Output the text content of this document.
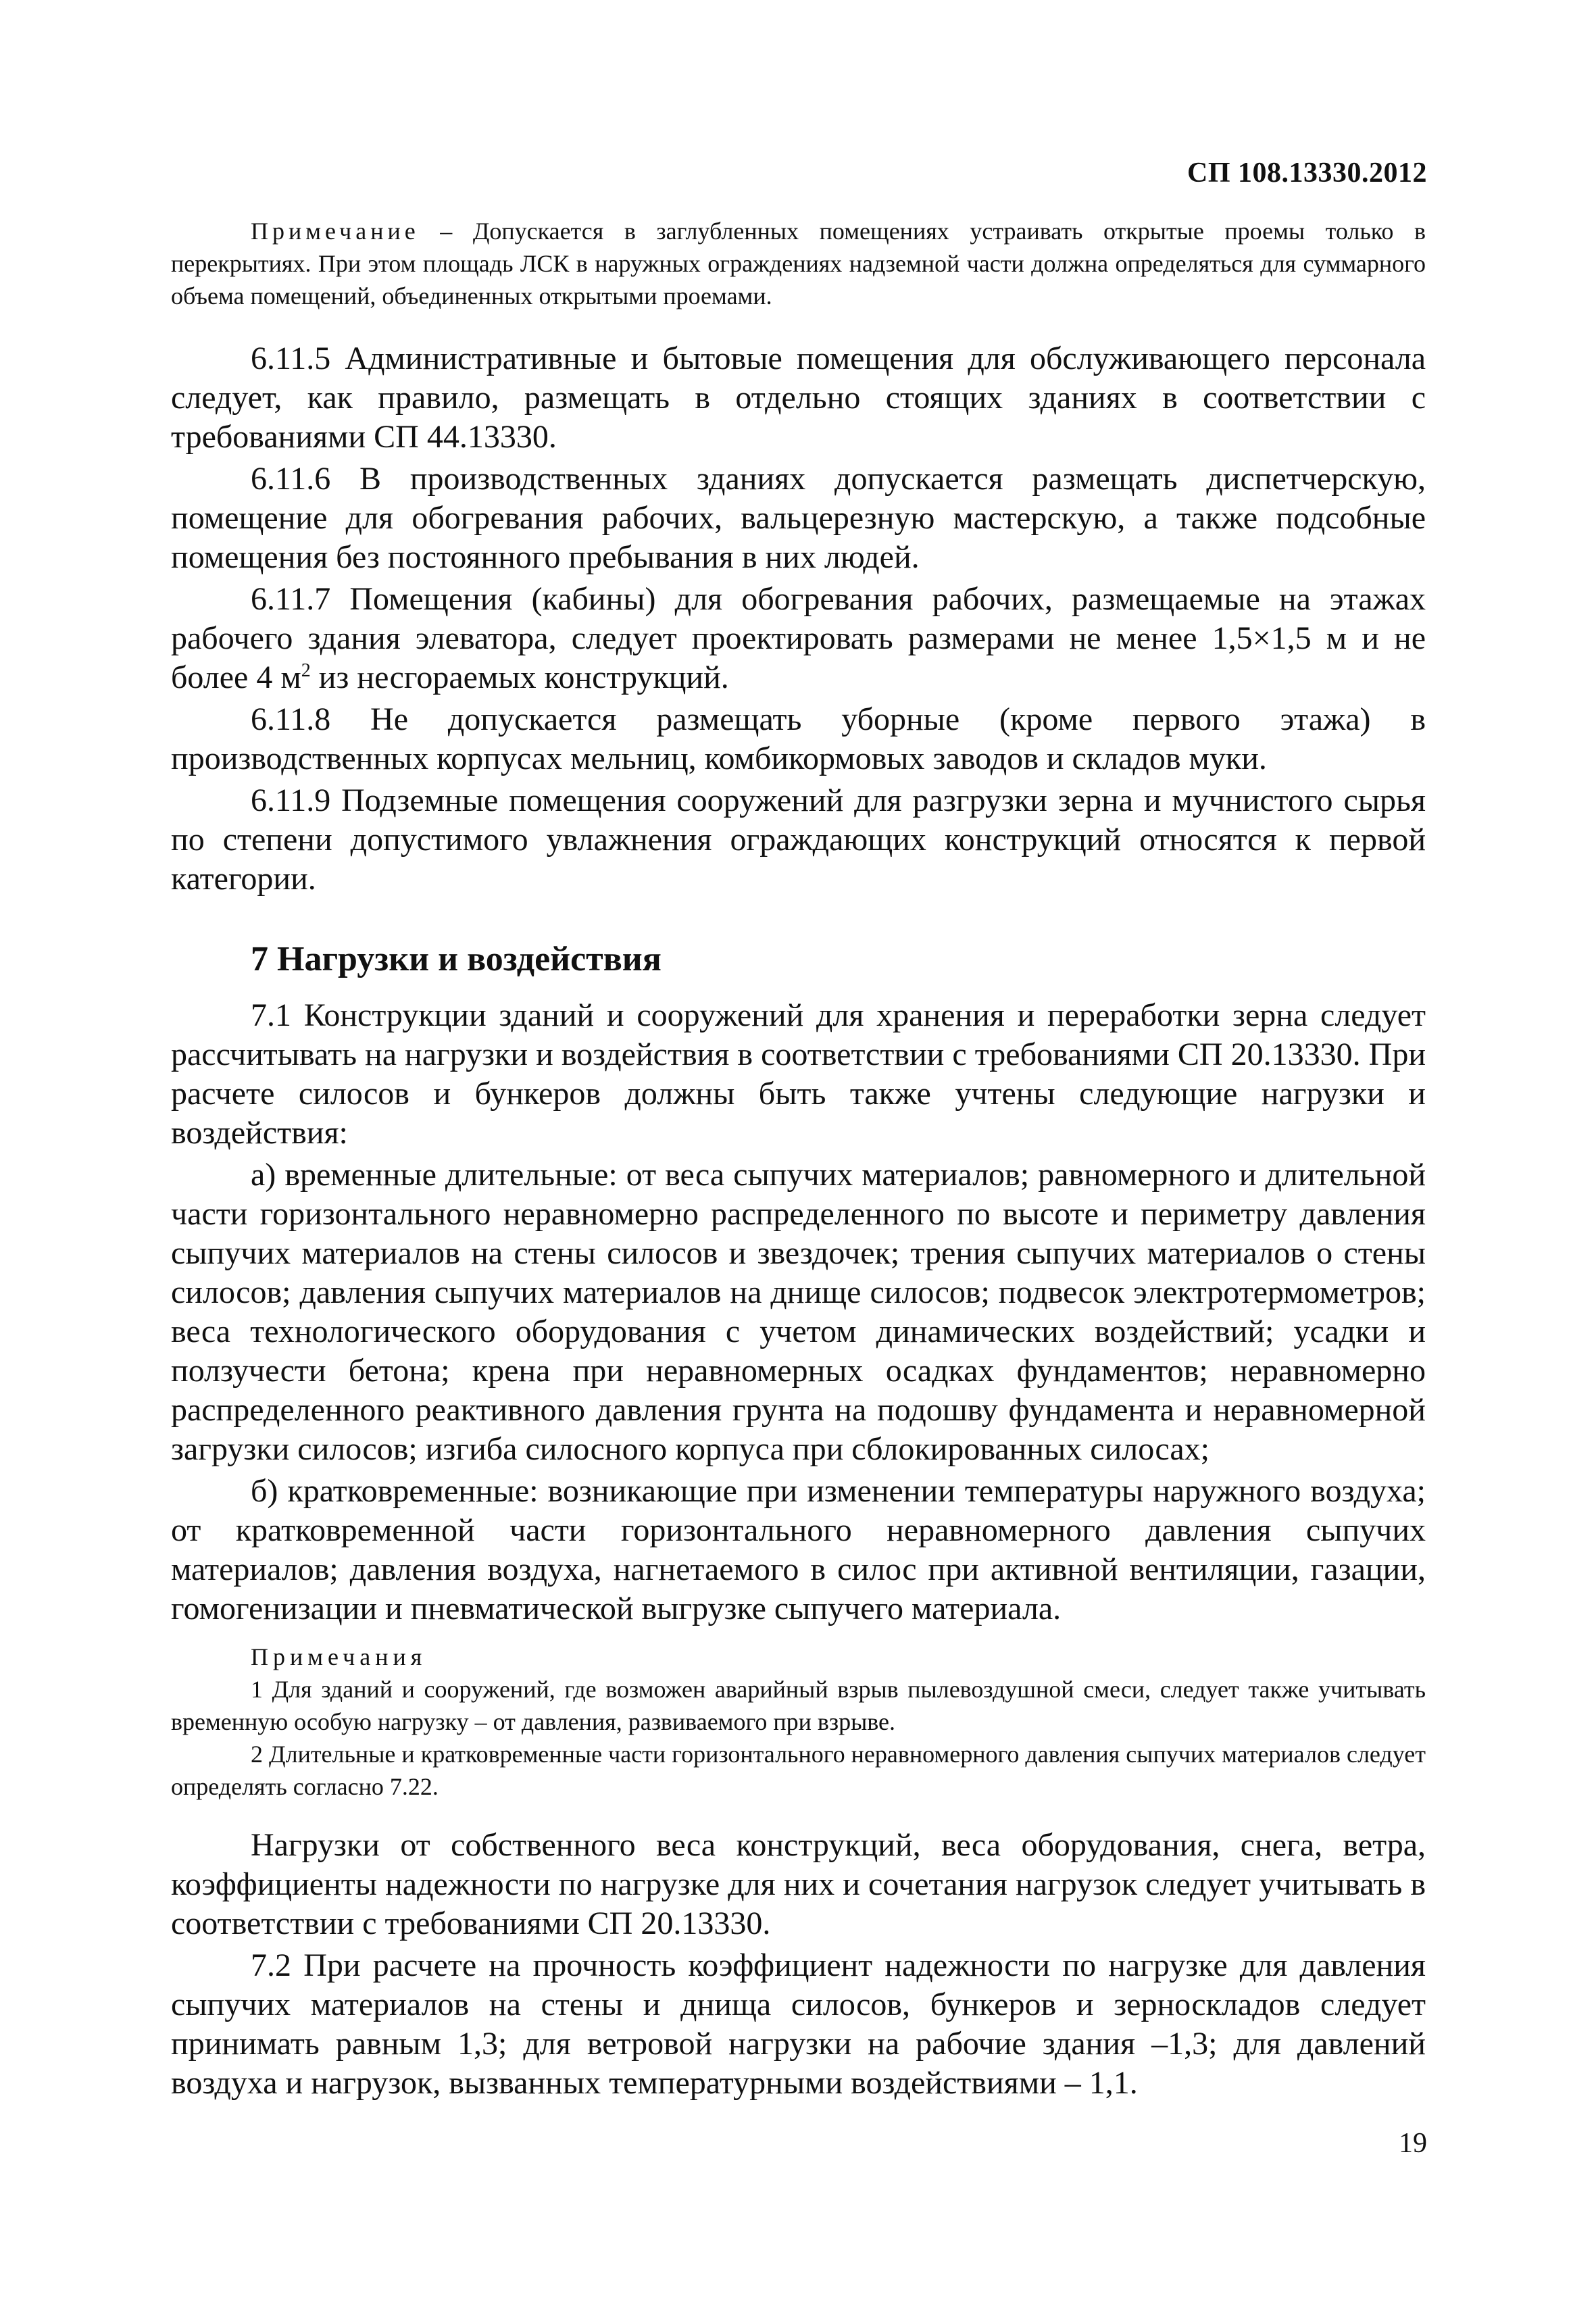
СП 108.13330.2012

Примечание – Допускается в заглубленных помещениях устраивать открытые проемы только в перекрытиях. При этом площадь ЛСК в наружных ограждениях надземной части должна определяться для суммарного объема помещений, объединенных открытыми проемами.

6.11.5 Административные и бытовые помещения для обслуживающего персонала следует, как правило, размещать в отдельно стоящих зданиях в соответствии с требованиями СП 44.13330.

6.11.6 В производственных зданиях допускается размещать диспетчерскую, помещение для обогревания рабочих, вальцерезную мастерскую, а также подсобные помещения без постоянного пребывания в них людей.

6.11.7 Помещения (кабины) для обогревания рабочих, размещаемые на этажах рабочего здания элеватора, следует проектировать размерами не менее 1,5×1,5 м и не более 4 $м^2$ из несгораемых конструкций.

6.11.8 Не допускается размещать уборные (кроме первого этажа) в производственных корпусах мельниц, комбикормовых заводов и складов муки.

6.11.9 Подземные помещения сооружений для разгрузки зерна и мучнистого сырья по степени допустимого увлажнения ограждающих конструкций относятся к первой категории.

7 Нагрузки и воздействия

7.1 Конструкции зданий и сооружений для хранения и переработки зерна следует рассчитывать на нагрузки и воздействия в соответствии с требованиями СП 20.13330. При расчете силосов и бункеров должны быть также учтены следующие нагрузки и воздействия:

а) временные длительные: от веса сыпучих материалов; равномерного и длительной части горизонтального неравномерно распределенного по высоте и периметру давления сыпучих материалов на стены силосов и звездочек; трения сыпучих материалов о стены силосов; давления сыпучих материалов на днище силосов; подвесок электротермометров; веса технологического оборудования с учетом динамических воздействий; усадки и ползучести бетона; крена при неравномерных осадках фундаментов; неравномерно распределенного реактивного давления грунта на подошву фундамента и неравномерной загрузки силосов; изгиба силосного корпуса при сблокированных силосах;

б) кратковременные: возникающие при изменении температуры наружного воздуха; от кратковременной части горизонтального неравномерного давления сыпучих материалов; давления воздуха, нагнетаемого в силос при активной вентиляции, газации, гомогенизации и пневматической выгрузке сыпучего материала.

Примечания

1 Для зданий и сооружений, где возможен аварийный взрыв пылевоздушной смеси, следует также учитывать временную особую нагрузку – от давления, развиваемого при взрыве.

2 Длительные и кратковременные части горизонтального неравномерного давления сыпучих материалов следует определять согласно 7.22.

Нагрузки от собственного веса конструкций, веса оборудования, снега, ветра, коэффициенты надежности по нагрузке для них и сочетания нагрузок следует учитывать в соответствии с требованиями СП 20.13330.

7.2 При расчете на прочность коэффициент надежности по нагрузке для давления сыпучих материалов на стены и днища силосов, бункеров и зерноскладов следует принимать равным 1,3; для ветровой нагрузки на рабочие здания –1,3; для давлений воздуха и нагрузок, вызванных температурными воздействиями – 1,1.

19
